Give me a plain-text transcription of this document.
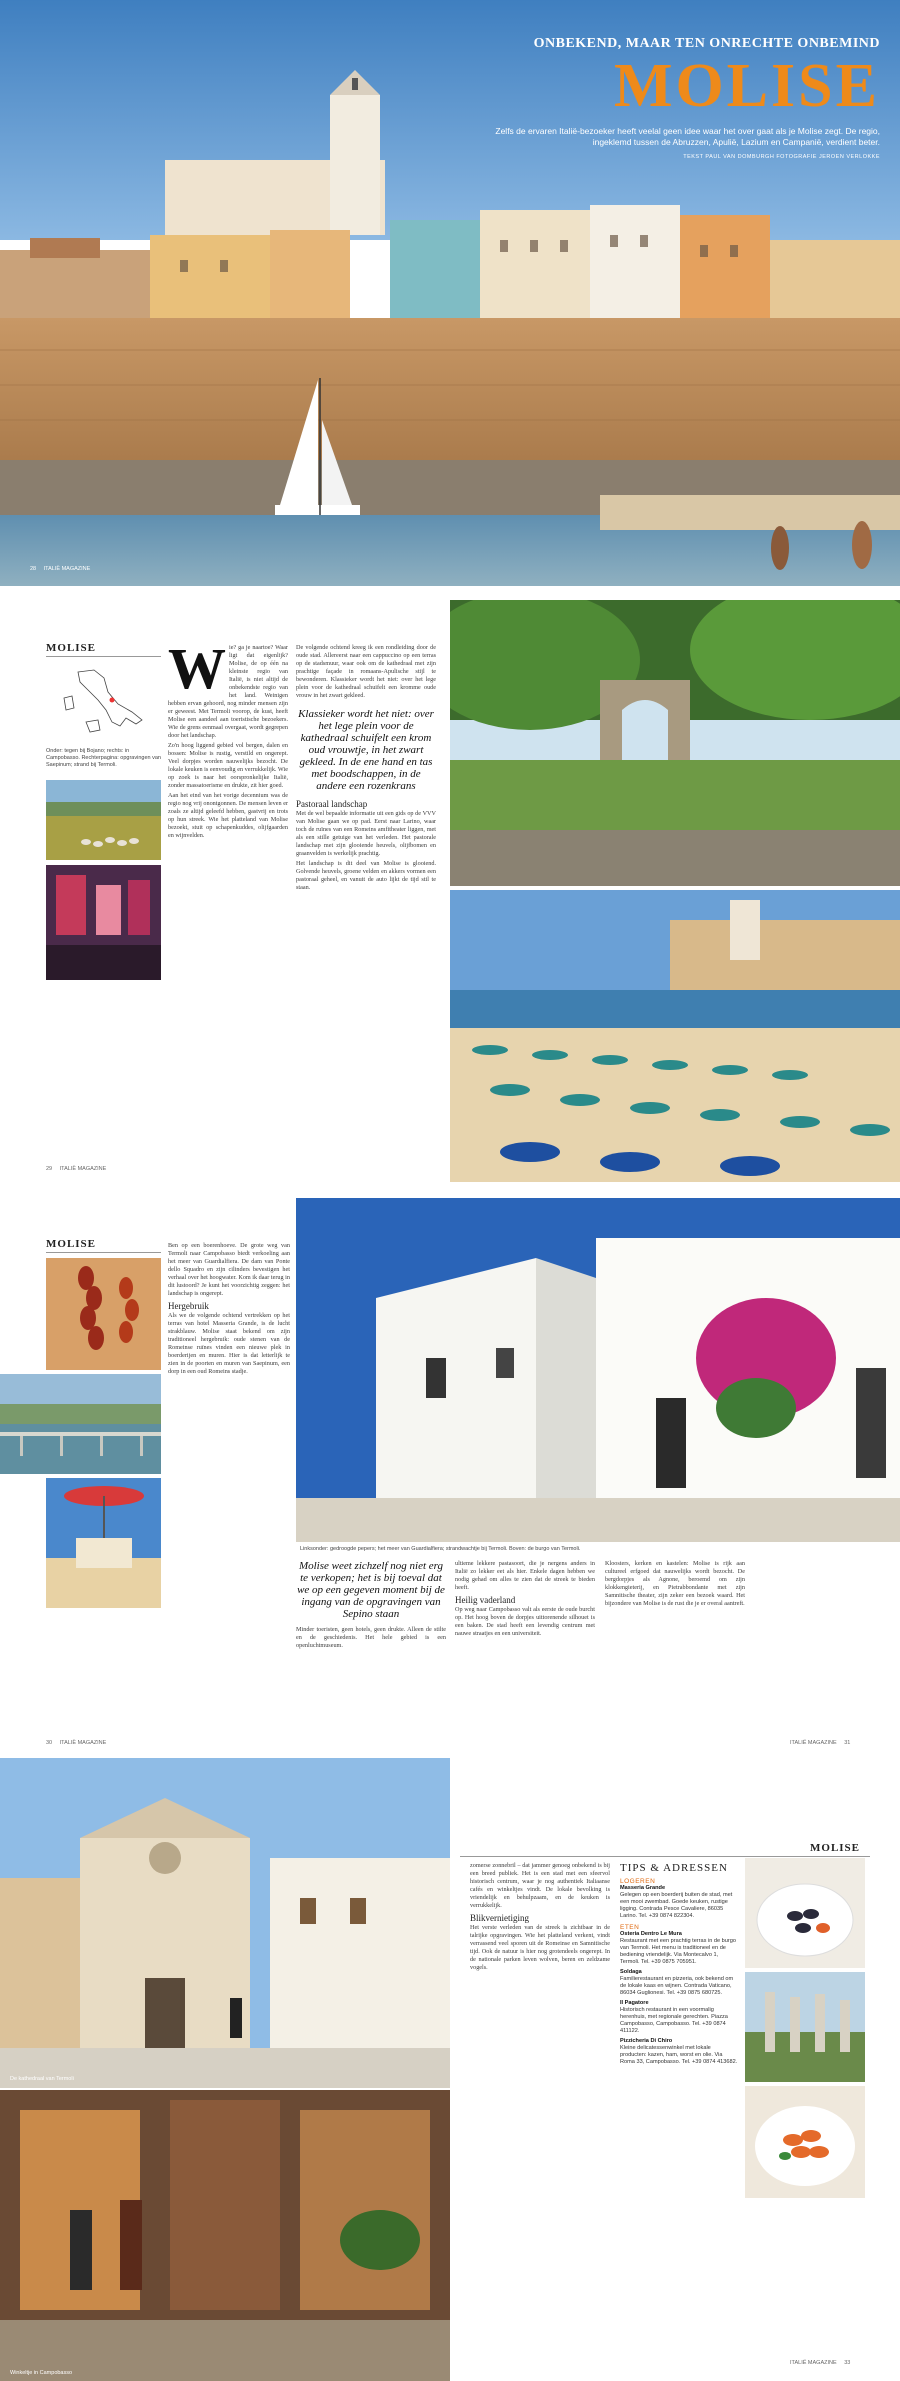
ONBEKEND, MAAR TEN ONRECHTE ONBEMIND
MOLISE
Zelfs de ervaren Italië-bezoeker heeft veelal geen idee waar het over gaat als je Molise zegt. De regio, ingeklemd tussen de Abruzzen, Apulië, Lazium en Campanië, verdient beter.
TEKST PAUL VAN DOMBURGH FOTOGRAFIE JEROEN VERLOKKE
28 ITALIË MAGAZINE
MOLISE
Onder: tegen bij Bojano; rechts: in Campobasso. Rechterpagina: opgravingen van Saepinum; strand bij Termoli.
W ie? ga je naartoe? Waar ligt dat eigenlijk? Molise, de op één na kleinste regio van Italië, is niet altijd de onbekendste regio van het land. Weinigen hebben ervan gehoord, nog minder mensen zijn er geweest. Met Termoli voorop, de kust, heeft Molise een aandeel aan toeristische bezoekers. Wie de grens eenmaal overgaat, wordt gegrepen door het landschap.

Zo'n hoog liggend gebied vol bergen, dalen en bossen: Molise is rustig, verstild en ongerept. Veel dorpjes worden nauwelijks bezocht. De lokale keuken is eenvoudig en verrukkelijk. Wie op zoek is naar het oorspronkelijke Italië, zonder massatoerisme en drukte, zit hier goed.

Aan het eind van het vorige decennium was de regio nog vrij onontgonnen. De mensen leven er zoals ze altijd geleefd hebben, gastvrij en trots op hun streek. Wie het platteland van Molise bezoekt, stuit op schapenkuddes, olijfgaarden en wijnvelden.

De volgende ochtend kreeg ik een rondleiding door de oude stad. Allereerst naar een cappuccino op een terras op de stadsmuur, waar ook om de kathedraal met zijn prachtige façade in romaans-Apulische stijl te bewonderen. Klassieker wordt het niet: over het lege plein voor de kathedraal schuifelt een kromme oude vrouw in het zwart gekleed.

Klassieker wordt het niet: over het lege plein voor de kathedraal schuifelt een krom oud vrouwtje, in het zwart gekleed. In de ene hand en tas met boodschappen, in de andere een rozenkrans
Pastoraal landschap

Met de wel bepaalde informatie uit een gids op de VVV van Molise gaan we op pad. Eerst naar Larino, waar toch de ruïnes van een Romeins amfitheater liggen, met als een stille getuige van het verleden. Het pastorale landschap met zijn glooiende heuvels, olijfbomen en graanvelden is werkelijk prachtig.

Het landschap is dit deel van Molise is glooiend. Golvende heuvels, groene velden en akkers vormen een pastoraal geheel, en vanuit de auto lijkt de tijd stil te staan.

29 ITALIË MAGAZINE
MOLISE	Ben op een boerenhoeve. De grote weg van Termoli naar Campobasso biedt verkoeling aan het meer van Guardialfiera. De dam van Ponte dello Squadro en zijn cilinders bevestigen het verhaal over het hoogwater. Kom ik daar terug in dit lustoord? Je kunt het voorzichtig zeggen: het landschap is ongerept.

Hergebruik

Als we de volgende ochtend vertrekken op het terras van hotel Masseria Grande, is de lucht strakblauw. Molise staat bekend om zijn traditioneel hergebruik: oude stenen van de Romeinse ruïnes vinden een nieuwe plek in boerderijen en muren. Hier is dat letterlijk te zien in de poorten en muren van Saepinum, een dorp in een oud Romeins stadje.

Linksonder: gedroogde pepers; het meer van Guardialfiera; strandwachtje bij Termoli. Boven: de burgo van Termoli.
Molise weet zichzelf nog niet erg te verkopen; het is bij toeval dat we op een gegeven moment bij de ingang van de opgravingen van Sepino staan
Minder toeristen, geen hotels, geen drukte. Alleen de stilte en de geschiedenis. Het hele gebied is een openluchtmuseum.

ultieme lekkere pastasoort, die je nergens anders in Italië zo lekker eet als hier. Enkele dagen hebben we nodig gehad om alles te zien dat de streek te bieden heeft.

Heilig vaderland

Op weg naar Campobasso valt als eerste de oude burcht op. Het hoog boven de dorpjes uittorenende silhouet is een baken. De stad heeft een levendig centrum met nauwe straatjes en een universiteit.

Kloosters, kerken en kastelen: Molise is rijk aan cultureel erfgoed dat nauwelijks wordt bezocht. De bergdorpjes als Agnone, beroemd om zijn klokkengieterij, en Pietrabbondante met zijn Samnitische theater, zijn zeker een bezoek waard. Het bijzondere van Molise is de rust die je er overal aantreft.

30 ITALIË MAGAZINE	ITALIË MAGAZINE 31
De kathedraal van Termoli
Winkeltje in Campobasso
MOLISE

zomerse zonnebril – dat jammer genoeg onbekend is bij een breed publiek. Het is een stad met een sfeervol historisch centrum, waar je nog authentiek Italiaanse cafés en winkeltjes vindt. De lokale bevolking is vriendelijk en behulpzaam, en de keuken is verrukkelijk.

Blikvernietiging

Het verste verleden van de streek is zichtbaar in de talrijke opgravingen. Wie het platteland verkent, vindt verrassend veel sporen uit de Romeinse en Samnitische tijd. Ook de natuur is hier nog grotendeels ongerept. In de nationale parken leven wolven, beren en zeldzame vogels.

TIPS & ADRESSEN
LOGEREN
Masseria Grande
Gelegen op een boerderij buiten de stad, met een mooi zwembad. Goede keuken, rustige ligging. Contrada Pesce Cavaliere, 86035 Larino. Tel. +39 0874 822304.
ETEN
Osteria Dentro Le Mura
Restaurant met een prachtig terras in de burgo van Termoli. Het menu is traditioneel en de bediening vriendelijk. Via Montecalvo 1, Termoli. Tel. +39 0875 705951.
Soldaga
Familierestaurant en pizzeria, ook bekend om de lokale kaas en wijnen. Contrada Vaticano, 86034 Guglionesi. Tel. +39 0875 680725.
Il Pagatore
Historisch restaurant in een voormalig herenhuis, met regionale gerechten. Piazza Campobasso, Campobasso. Tel. +39 0874 411122.
Pizzicheria Di Chiro
Kleine delicatessenwinkel met lokale producten: kazen, ham, worst en olie. Via Roma 33, Campobasso. Tel. +39 0874 413682.
ITALIË MAGAZINE 33
